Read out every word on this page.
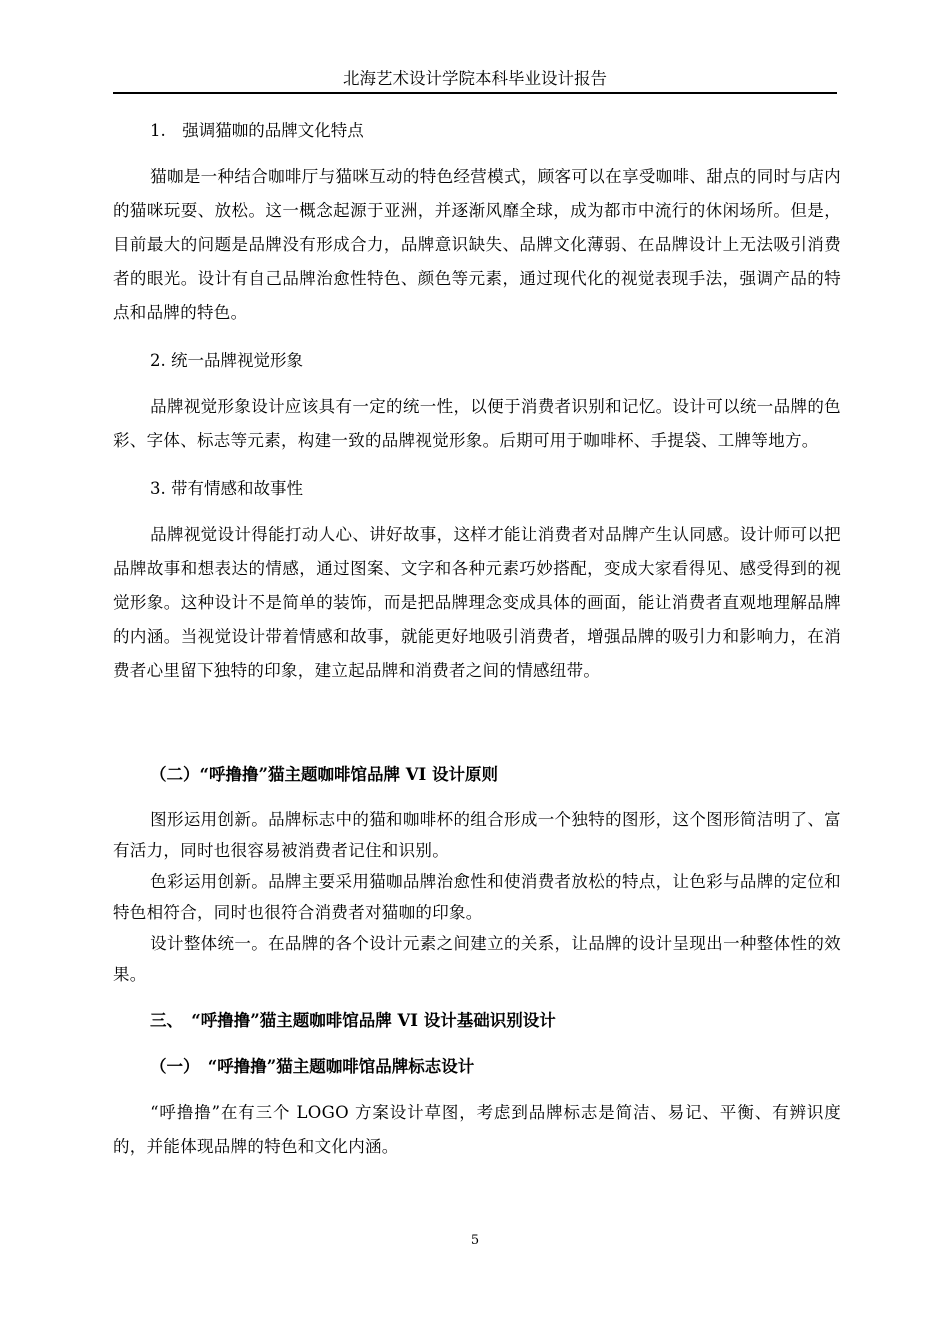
北海艺术设计学院本科毕业设计报告

1.　强调猫咖的品牌文化特点

猫咖是一种结合咖啡厅与猫咪互动的特色经营模式，顾客可以在享受咖啡、甜点的同时与店内的猫咪玩耍、放松。这一概念起源于亚洲，并逐渐风靡全球，成为都市中流行的休闲场所。但是，目前最大的问题是品牌没有形成合力，品牌意识缺失、品牌文化薄弱、在品牌设计上无法吸引消费者的眼光。设计有自己品牌治愈性特色、颜色等元素，通过现代化的视觉表现手法，强调产品的特点和品牌的特色。

2. 统一品牌视觉形象

品牌视觉形象设计应该具有一定的统一性，以便于消费者识别和记忆。设计可以统一品牌的色彩、字体、标志等元素，构建一致的品牌视觉形象。后期可用于咖啡杯、手提袋、工牌等地方。

3. 带有情感和故事性

品牌视觉设计得能打动人心、讲好故事，这样才能让消费者对品牌产生认同感。设计师可以把品牌故事和想表达的情感，通过图案、文字和各种元素巧妙搭配，变成大家看得见、感受得到的视觉形象。这种设计不是简单的装饰，而是把品牌理念变成具体的画面，能让消费者直观地理解品牌的内涵。当视觉设计带着情感和故事，就能更好地吸引消费者，增强品牌的吸引力和影响力，在消费者心里留下独特的印象，建立起品牌和消费者之间的情感纽带。

（二）“呼撸撸”猫主题咖啡馆品牌 VI 设计原则

图形运用创新。品牌标志中的猫和咖啡杯的组合形成一个独特的图形，这个图形简洁明了、富有活力，同时也很容易被消费者记住和识别。

色彩运用创新。品牌主要采用猫咖品牌治愈性和使消费者放松的特点，让色彩与品牌的定位和特色相符合，同时也很符合消费者对猫咖的印象。

设计整体统一。在品牌的各个设计元素之间建立的关系，让品牌的设计呈现出一种整体性的效果。

三、　“呼撸撸”猫主题咖啡馆品牌 VI 设计基础识别设计

（一）　“呼撸撸”猫主题咖啡馆品牌标志设计

“呼撸撸”在有三个 LOGO 方案设计草图，考虑到品牌标志是简洁、易记、平衡、有辨识度的，并能体现品牌的特色和文化内涵。

5
